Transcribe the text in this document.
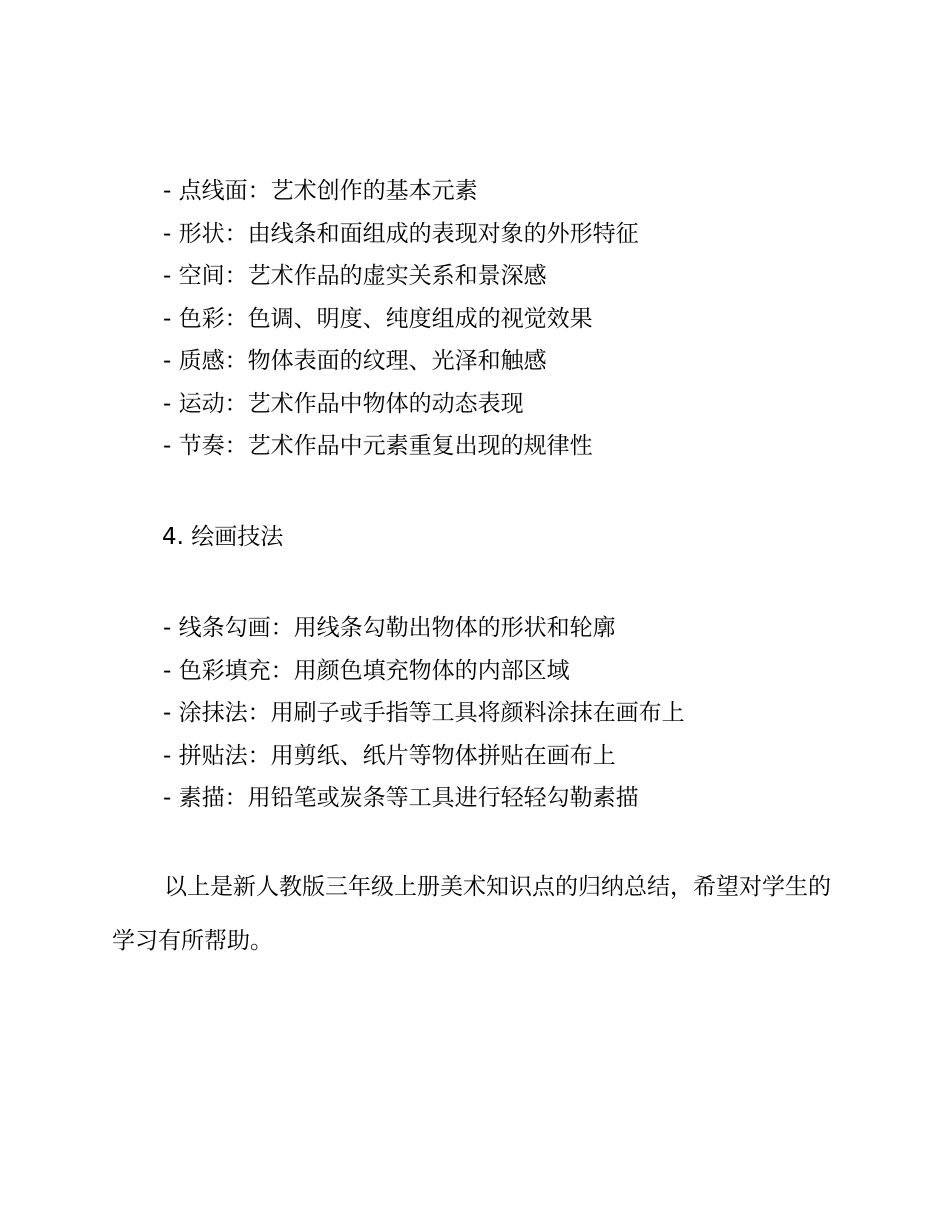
- 点线面：艺术创作的基本元素
- 形状：由线条和面组成的表现对象的外形特征
- 空间：艺术作品的虚实关系和景深感
- 色彩：色调、明度、纯度组成的视觉效果
- 质感：物体表面的纹理、光泽和触感
- 运动：艺术作品中物体的动态表现
- 节奏：艺术作品中元素重复出现的规律性
4. 绘画技法
- 线条勾画：用线条勾勒出物体的形状和轮廓
- 色彩填充：用颜色填充物体的内部区域
- 涂抹法：用刷子或手指等工具将颜料涂抹在画布上
- 拼贴法：用剪纸、纸片等物体拼贴在画布上
- 素描：用铅笔或炭条等工具进行轻轻勾勒素描

以上是新人教版三年级上册美术知识点的归纳总结，希望对学生的学习有所帮助。
